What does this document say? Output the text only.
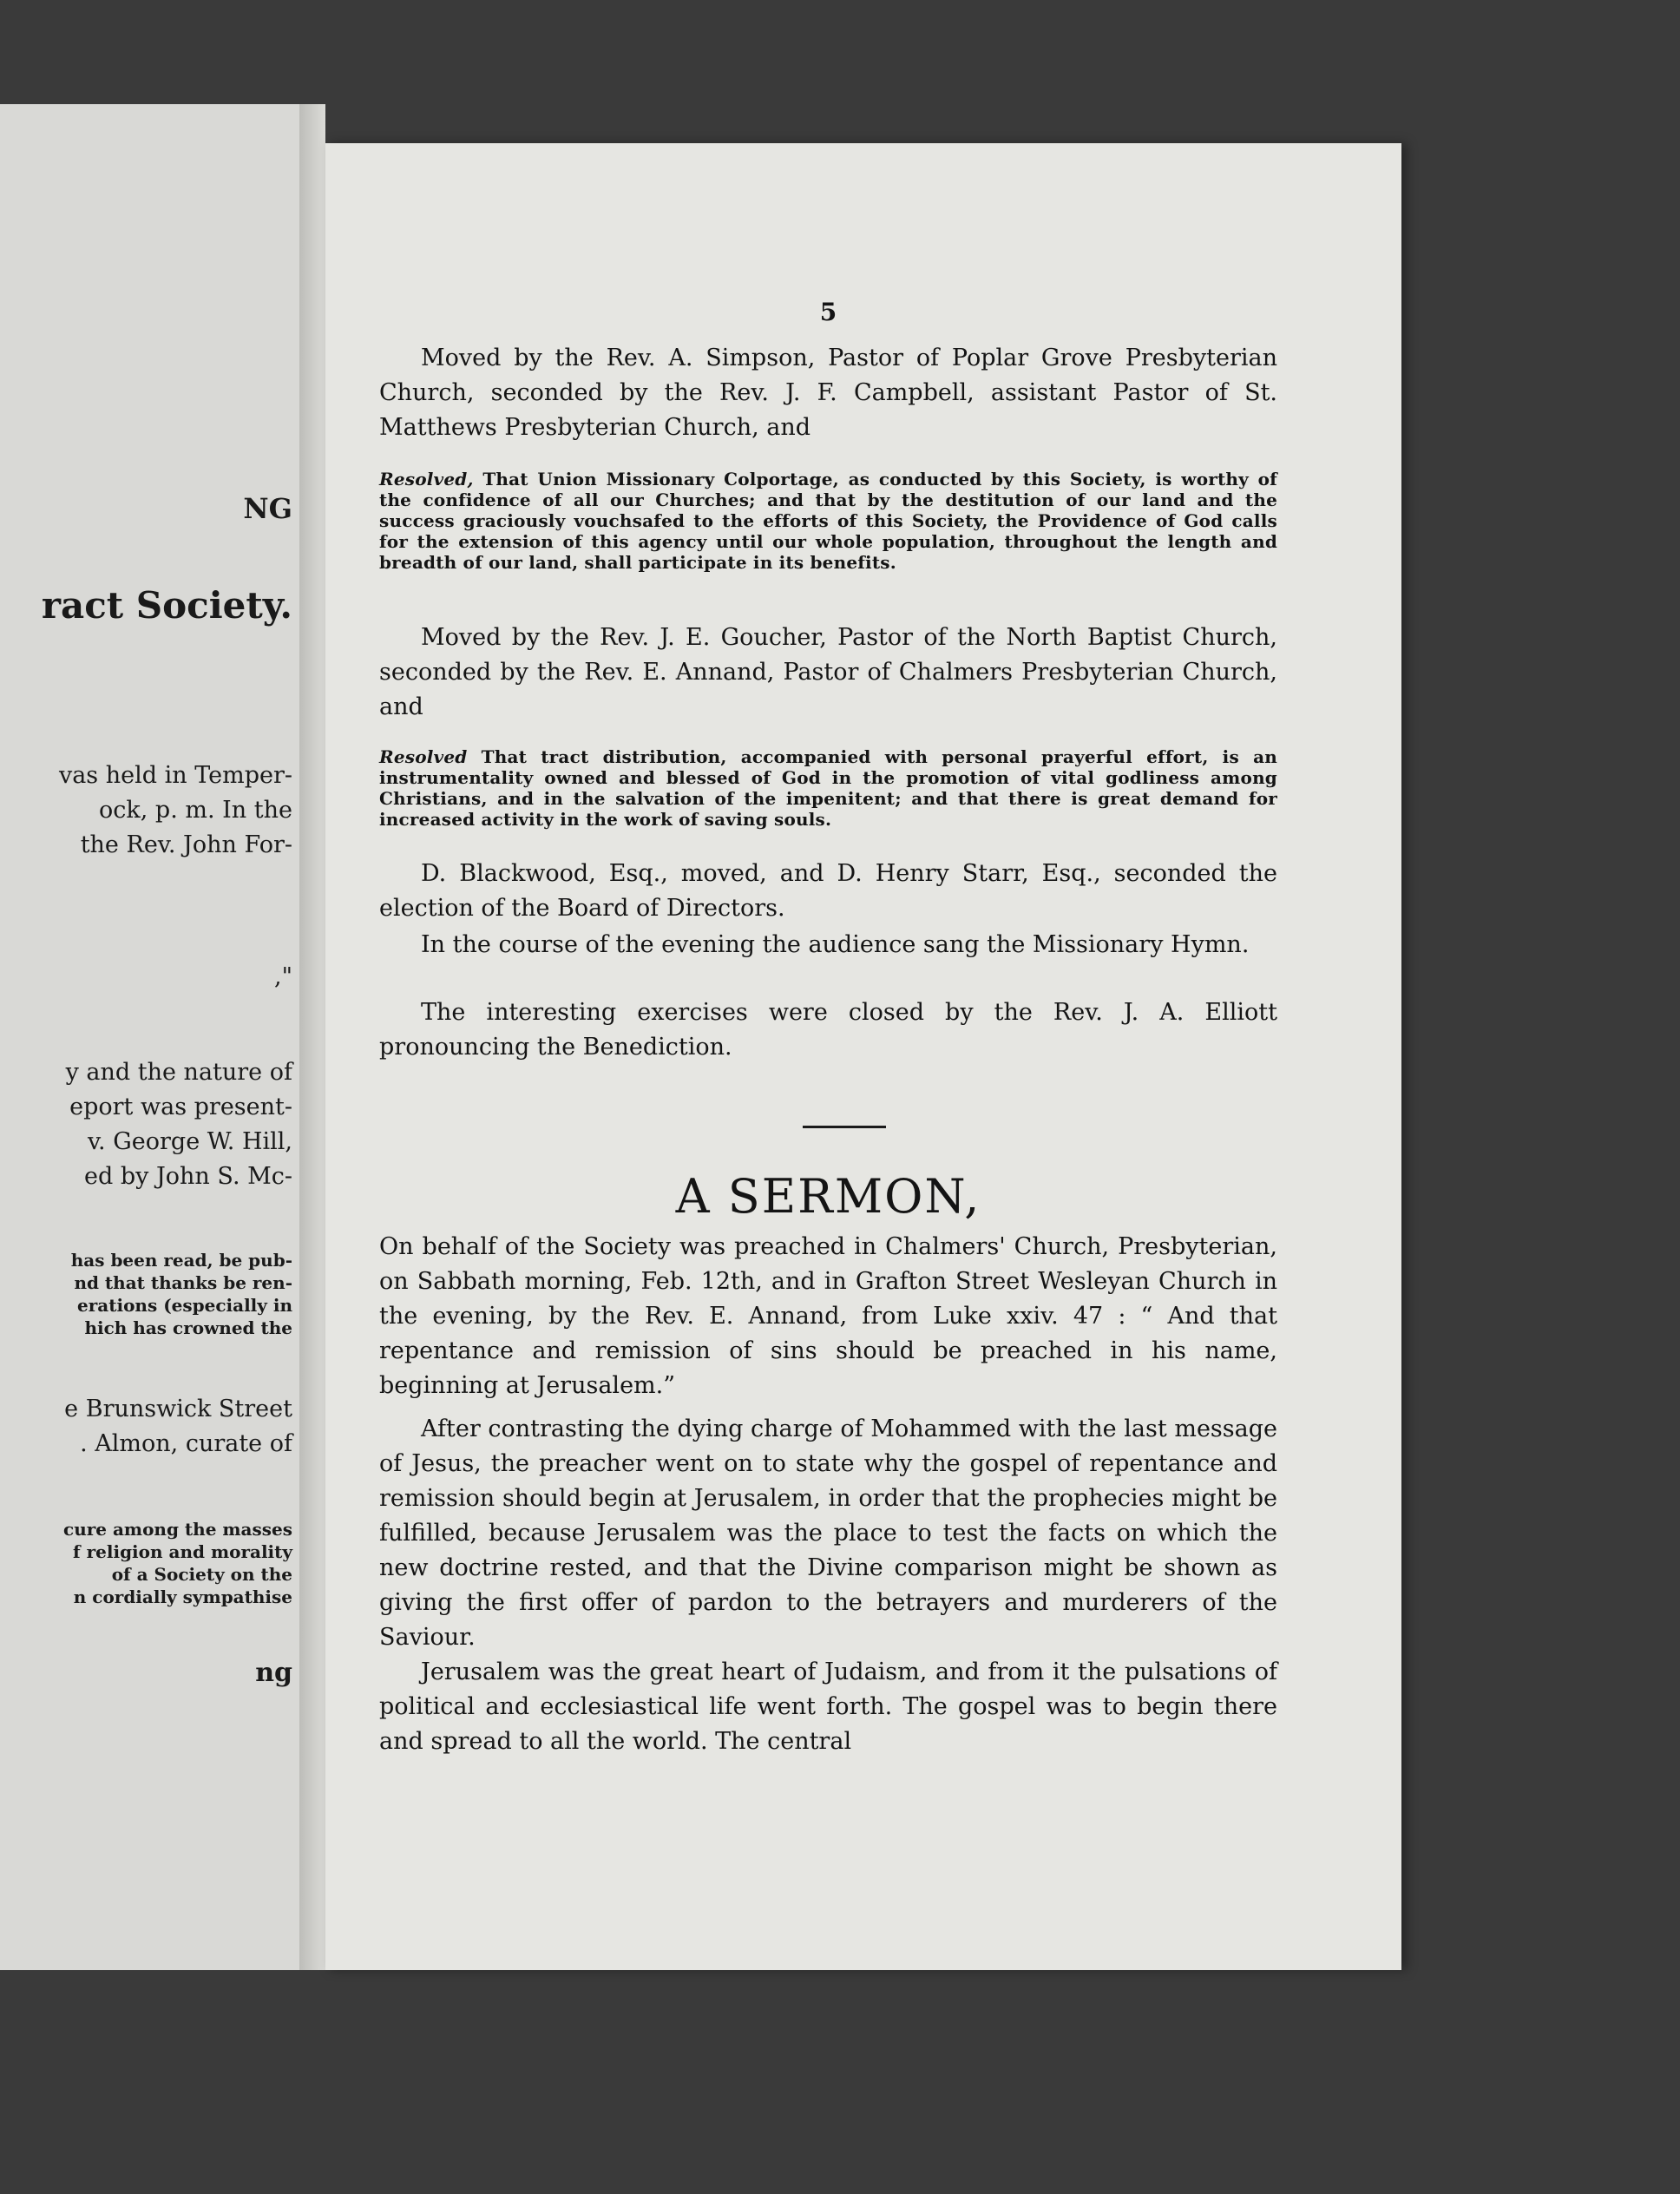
NG
ract Society.
vas held in Temper-
ock, p. m. In the
the Rev. John For-
,"
y and the nature of
eport was present-
v. George W. Hill,
ed by John S. Mc-
has been read, be pub-
nd that thanks be ren-
erations (especially in
hich has crowned the
e Brunswick Street
. Almon, curate of
cure among the masses
f religion and morality
of a Society on the
n cordially sympathise
ng
5

Moved by the Rev. A. Simpson, Pastor of Poplar Grove Presbyterian Church, seconded by the Rev. J. F. Campbell, assistant Pastor of St. Matthews Presbyterian Church, and

Resolved, That Union Missionary Colportage, as conducted by this Society, is worthy of the confidence of all our Churches; and that by the destitution of our land and the success graciously vouchsafed to the efforts of this Society, the Providence of God calls for the extension of this agency until our whole population, throughout the length and breadth of our land, shall participate in its benefits.

Moved by the Rev. J. E. Goucher, Pastor of the North Baptist Church, seconded by the Rev. E. Annand, Pastor of Chalmers Presbyterian Church, and

Resolved That tract distribution, accompanied with personal prayerful effort, is an instrumentality owned and blessed of God in the promotion of vital godliness among Christians, and in the salvation of the impenitent; and that there is great demand for increased activity in the work of saving souls.

D. Blackwood, Esq., moved, and D. Henry Starr, Esq., seconded the election of the Board of Directors.

In the course of the evening the audience sang the Missionary Hymn.

The interesting exercises were closed by the Rev. J. A. Elliott pronouncing the Benediction.

A SERMON,

On behalf of the Society was preached in Chalmers' Church, Presbyterian, on Sabbath morning, Feb. 12th, and in Grafton Street Wesleyan Church in the evening, by the Rev. E. Annand, from Luke xxiv. 47 : “ And that repentance and remission of sins should be preached in his name, beginning at Jerusalem.”

After contrasting the dying charge of Mohammed with the last message of Jesus, the preacher went on to state why the gospel of repentance and remission should begin at Jerusalem, in order that the prophecies might be fulfilled, because Jerusalem was the place to test the facts on which the new doctrine rested, and that the Divine comparison might be shown as giving the first offer of pardon to the betrayers and murderers of the Saviour.

Jerusalem was the great heart of Judaism, and from it the pulsations of political and ecclesiastical life went forth. The gospel was to begin there and spread to all the world. The central
